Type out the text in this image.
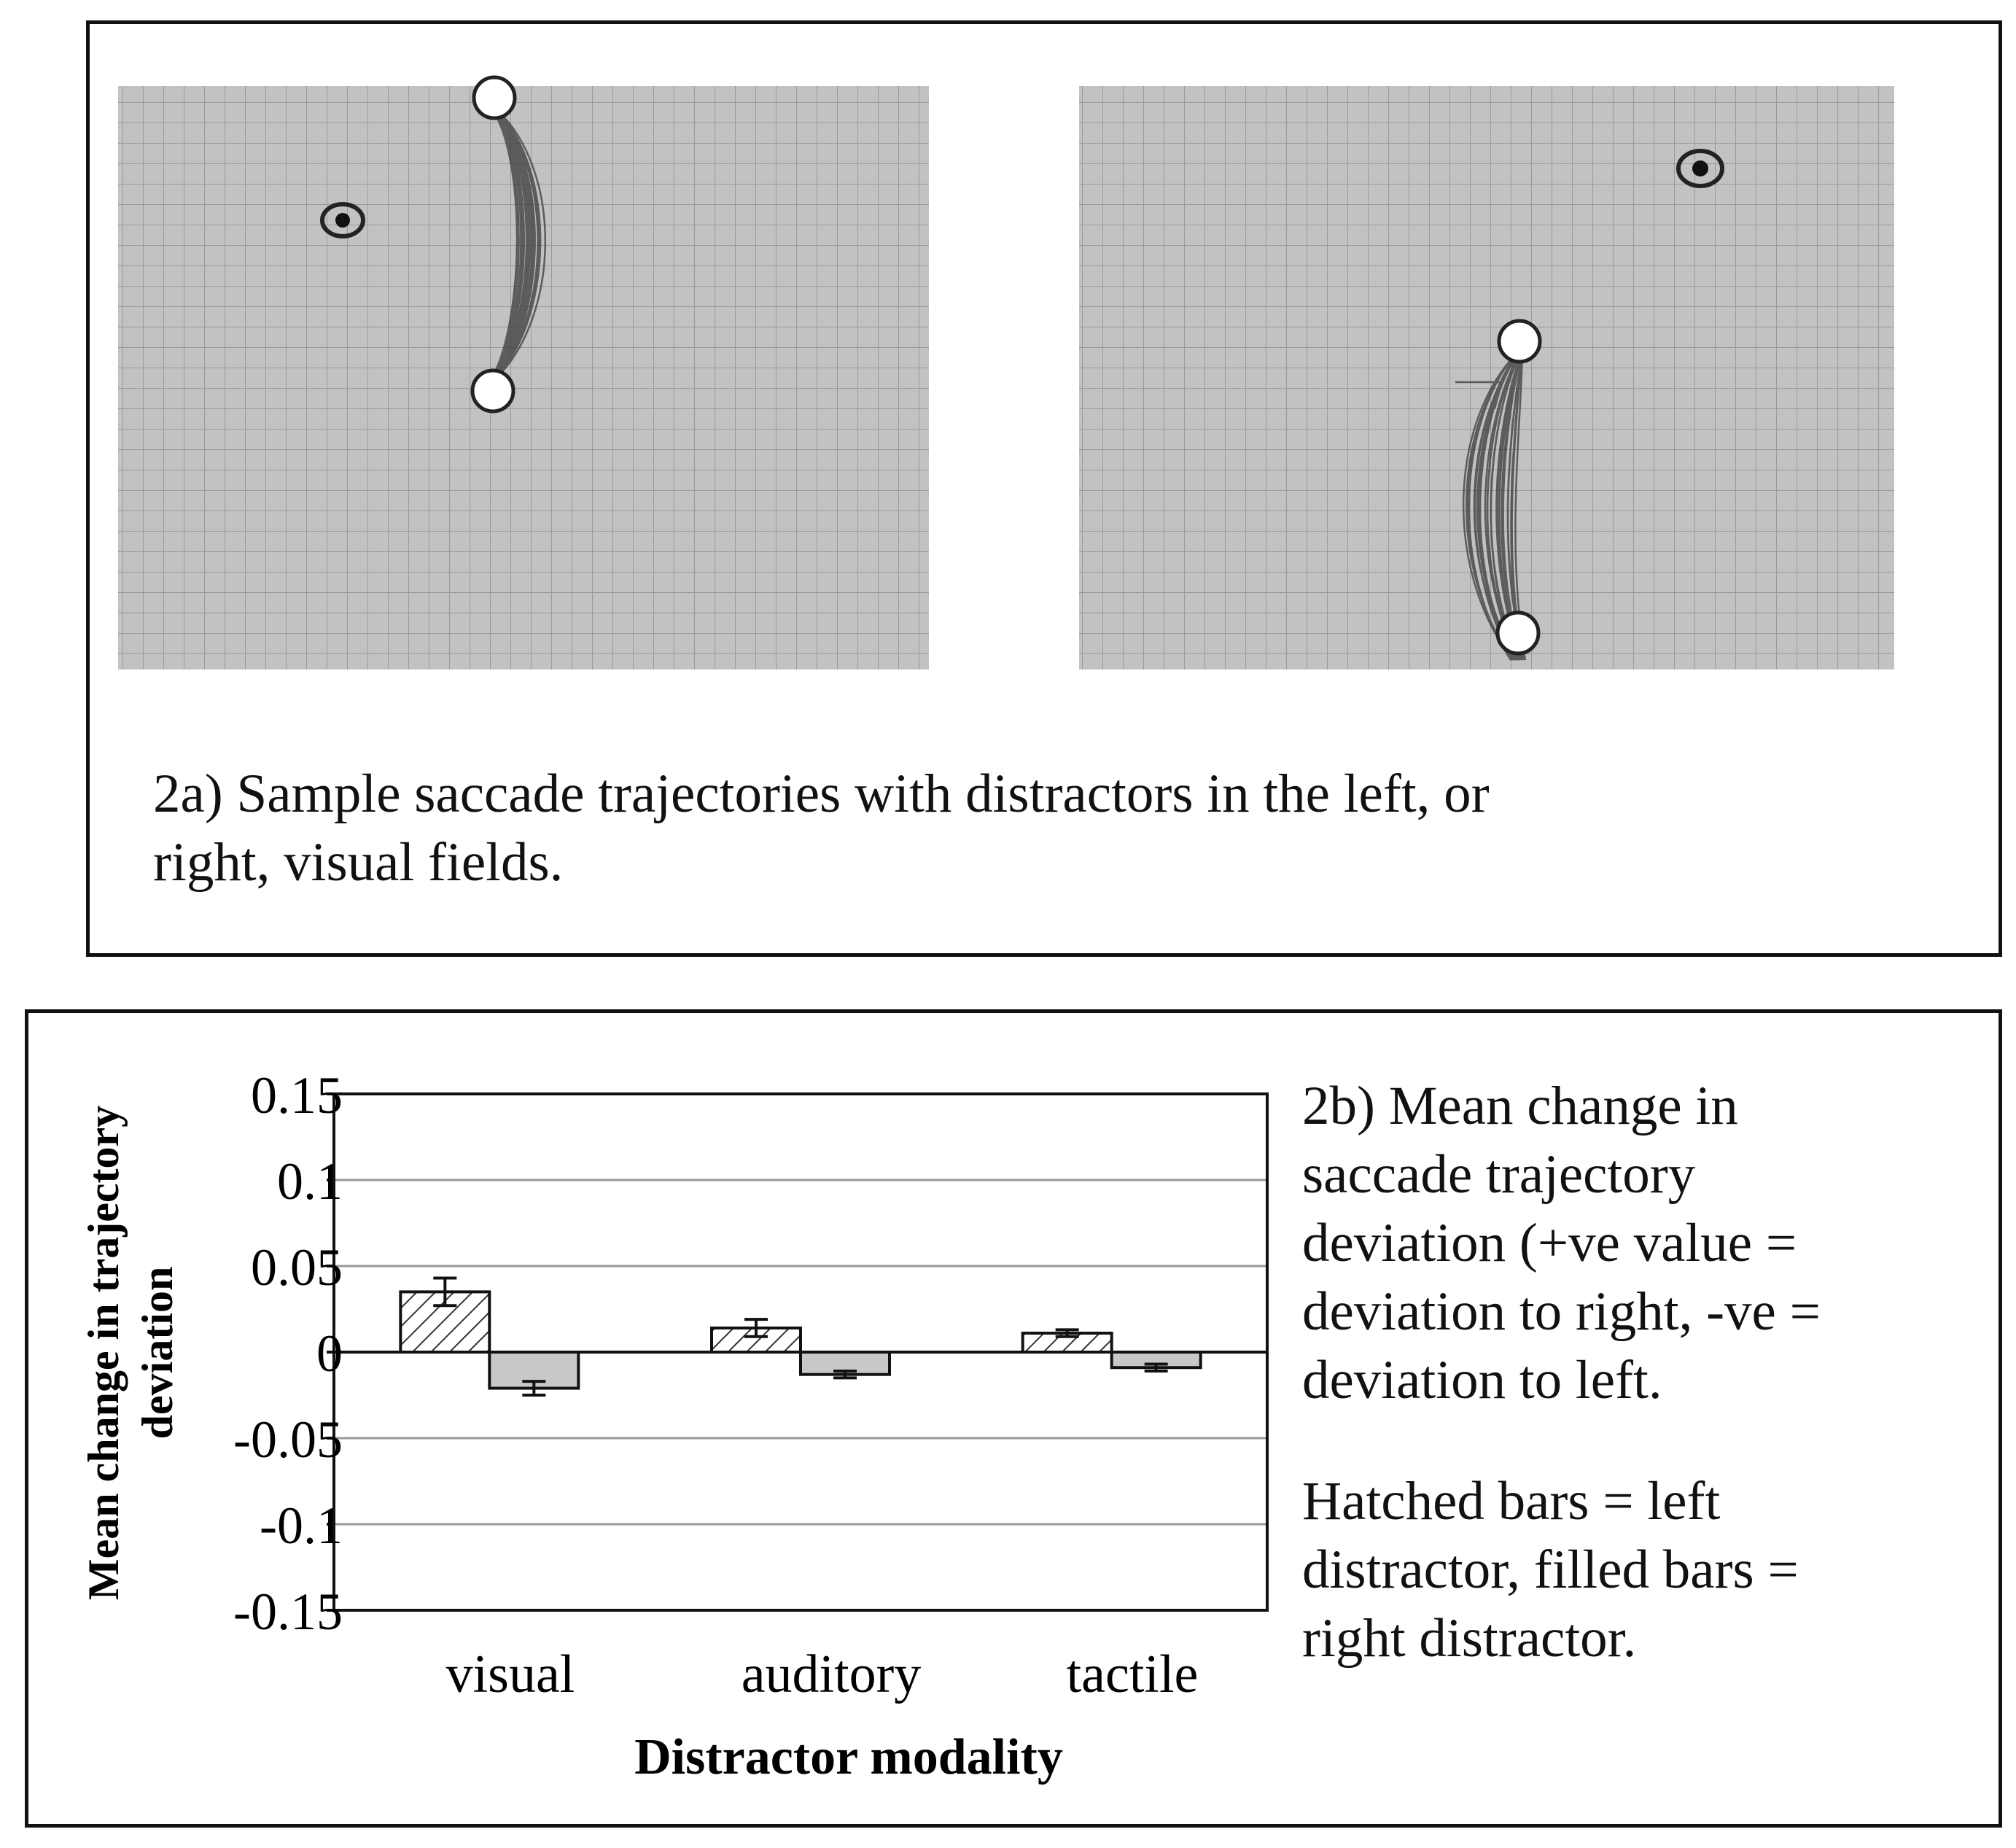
2a) Sample saccade trajectories with distractors in the left, or
right, visual fields.
0.15
0.1
0.05
0
-0.05
-0.1
-0.15
visual	auditory	tactile
Distractor modality
Mean change in trajectory deviation
2b) Mean change in
saccade trajectory
deviation (+ve value =
deviation to right, -ve =
deviation to left.
Hatched bars = left
distractor, filled bars =
right distractor.
